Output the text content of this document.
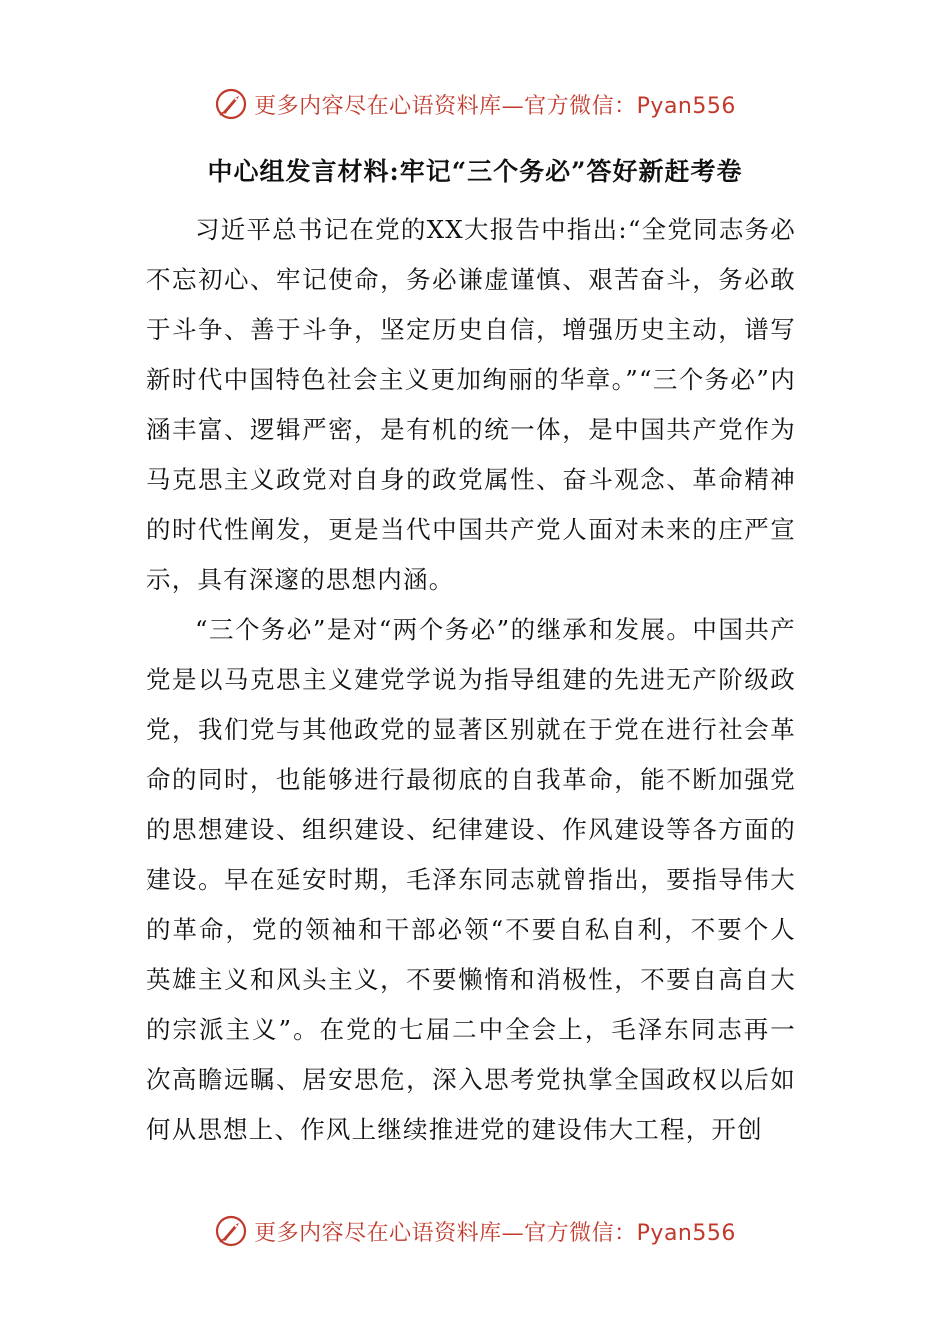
更多内容尽在心语资料库—官方微信：Pyan556
中心组发言材料:牢记“三个务必”答好新赶考卷

习近平总书记在党的XX大报告中指出:“全党同志务必不忘初心、牢记使命，务必谦虚谨慎、艰苦奋斗，务必敢于斗争、善于斗争，坚定历史自信，增强历史主动，谱写新时代中国特色社会主义更加绚丽的华章。”“三个务必”内涵丰富、逻辑严密，是有机的统一体，是中国共产党作为马克思主义政党对自身的政党属性、奋斗观念、革命精神的时代性阐发，更是当代中国共产党人面对未来的庄严宣示，具有深邃的思想内涵。

“三个务必”是对“两个务必”的继承和发展。中国共产党是以马克思主义建党学说为指导组建的先进无产阶级政党，我们党与其他政党的显著区别就在于党在进行社会革命的同时，也能够进行最彻底的自我革命，能不断加强党的思想建设、组织建设、纪律建设、作风建设等各方面的建设。早在延安时期，毛泽东同志就曾指出，要指导伟大的革命，党的领袖和干部必领“不要自私自利，不要个人英雄主义和风头主义，不要懒惰和消极性，不要自高自大的宗派主义”。在党的七届二中全会上，毛泽东同志再一次高瞻远瞩、居安思危，深入思考党执掌全国政权以后如何从思想上、作风上继续推进党的建设伟大工程，开创

更多内容尽在心语资料库—官方微信：Pyan556
